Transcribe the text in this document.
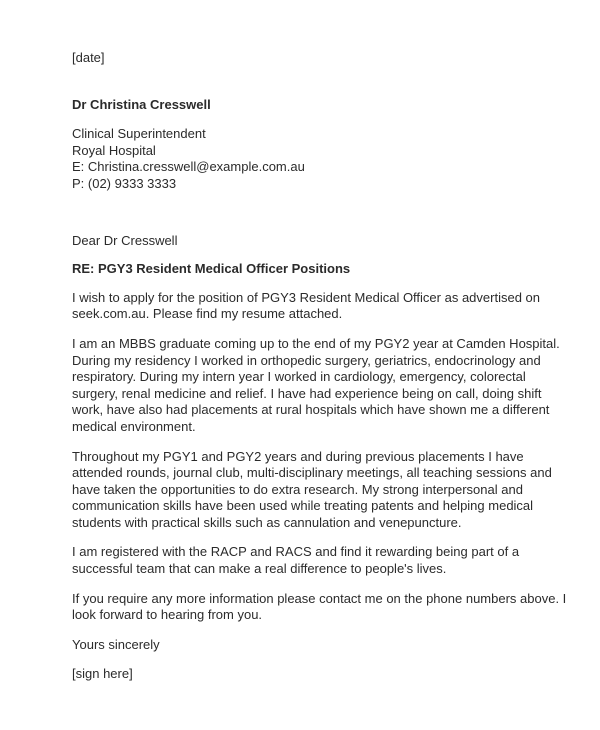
[date]
Dr Christina Cresswell
Clinical Superintendent
Royal Hospital
E: Christina.cresswell@example.com.au
P: (02) 9333 3333
Dear Dr Cresswell
RE: PGY3 Resident Medical Officer Positions
I wish to apply for the position of PGY3 Resident Medical Officer as advertised on
seek.com.au. Please find my resume attached.
I am an MBBS graduate coming up to the end of my PGY2 year at Camden Hospital.
During my residency I worked in orthopedic surgery, geriatrics, endocrinology and
respiratory. During my intern year I worked in cardiology, emergency, colorectal
surgery, renal medicine and relief. I have had experience being on call, doing shift
work, have also had placements at rural hospitals which have shown me a different
medical environment.
Throughout my PGY1 and PGY2 years and during previous placements I have
attended rounds, journal club, multi-disciplinary meetings, all teaching sessions and
have taken the opportunities to do extra research. My strong interpersonal and
communication skills have been used while treating patents and helping medical
students with practical skills such as cannulation and venepuncture.
I am registered with the RACP and RACS and find it rewarding being part of a
successful team that can make a real difference to people's lives.
If you require any more information please contact me on the phone numbers above. I
look forward to hearing from you.
Yours sincerely
[sign here]
